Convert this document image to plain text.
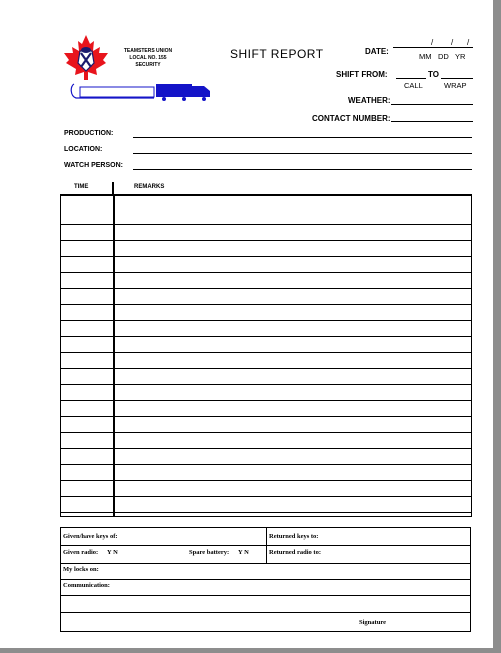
TEAMSTERS UNION
LOCAL NO. 155
SECURITY
SHIFT REPORT	DATE:
/ / /
MM DD YR
SHIFT FROM:	TO
CALL	WRAP
WEATHER:
CONTACT NUMBER:
PRODUCTION:
LOCATION:
WATCH PERSON:
TIME	REMARKS
Given/have keys of:	Returned keys to:
Given radio: Y N	Spare battery: Y N	Returned radio to:
My locks on:
Communication:
Signature
